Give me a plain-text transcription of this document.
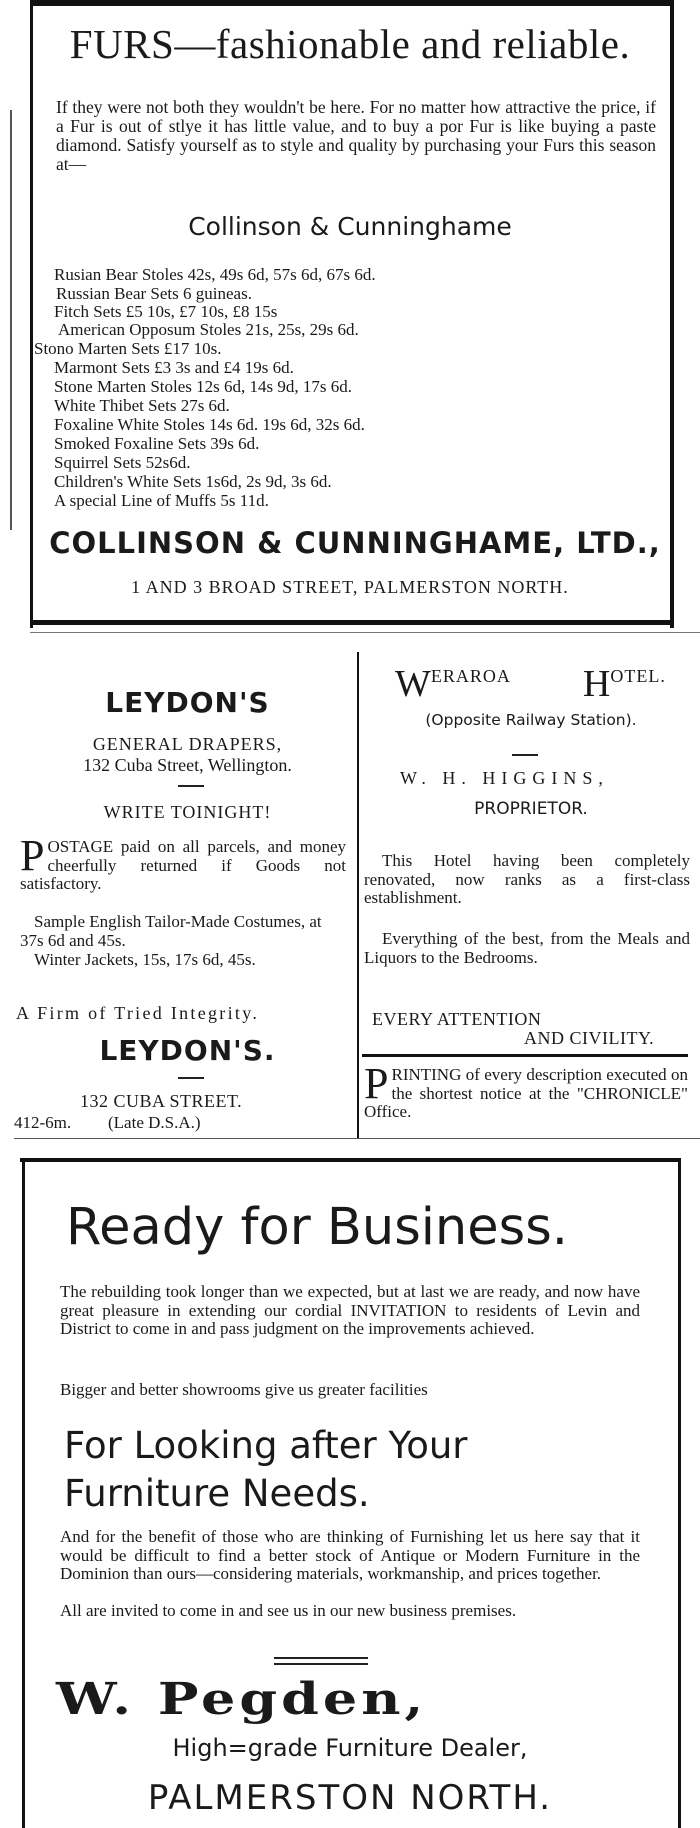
FURS—fashionable and reliable.
If they were not both they wouldn't be here. For no matter how attractive the price, if a Fur is out of stlye it has little value, and to buy a por Fur is like buying a paste diamond. Satisfy yourself as to style and quality by purchasing your Furs this season at—
Collinson & Cunninghame
Rusian Bear Stoles 42s, 49s 6d, 57s 6d, 67s 6d.
Russian Bear Sets 6 guineas.
Fitch Sets £5 10s, £7 10s, £8 15s
American Opposum Stoles 21s, 25s, 29s 6d.
Stono Marten Sets £17 10s.
Marmont Sets £3 3s and £4 19s 6d.
Stone Marten Stoles 12s 6d, 14s 9d, 17s 6d.
White Thibet Sets 27s 6d.
Foxaline White Stoles 14s 6d. 19s 6d, 32s 6d.
Smoked Foxaline Sets 39s 6d.
Squirrel Sets 52s6d.
Children's White Sets 1s6d, 2s 9d, 3s 6d.
A special Line of Muffs 5s 11d.
COLLINSON & CUNNINGHAME, LTD.,
1 AND 3 BROAD STREET, PALMERSTON NORTH.
LEYDON'S
GENERAL DRAPERS,
132 Cuba Street, Wellington.
WRITE TOINIGHT!
P OSTAGE paid on all parcels, and money cheerfully returned if Goods not satisfactory.
Sample English Tailor-Made Costumes, at 37s 6d and 45s.
Winter Jackets, 15s, 17s 6d, 45s.
A Firm of Tried Integrity.
LEYDON'S.
132 CUBA STREET.
412-6m. (Late D.S.A.)
WERAROA HOTEL.
(Opposite Railway Station).
W. H. HIGGINS,
PROPRIETOR.
This Hotel having been completely renovated, now ranks as a first-class establishment.
Everything of the best, from the Meals and Liquors to the Bedrooms.
EVERY ATTENTION
AND CIVILITY.
P RINTING of every description executed on the shortest notice at the "CHRONICLE" Office.
Ready for Business.
The rebuilding took longer than we expected, but at last we are ready, and now have great pleasure in extending our cordial INVITATION to residents of Levin and District to come in and pass judgment on the improvements achieved.
Bigger and better showrooms give us greater facilities
For Looking after Your
Furniture Needs.
And for the benefit of those who are thinking of Furnishing let us here say that it would be difficult to find a better stock of Antique or Modern Furniture in the Dominion than ours—considering materials, workmanship, and prices together.
All are invited to come in and see us in our new business premises.
W. Pegden,
High=grade Furniture Dealer,
PALMERSTON NORTH.
